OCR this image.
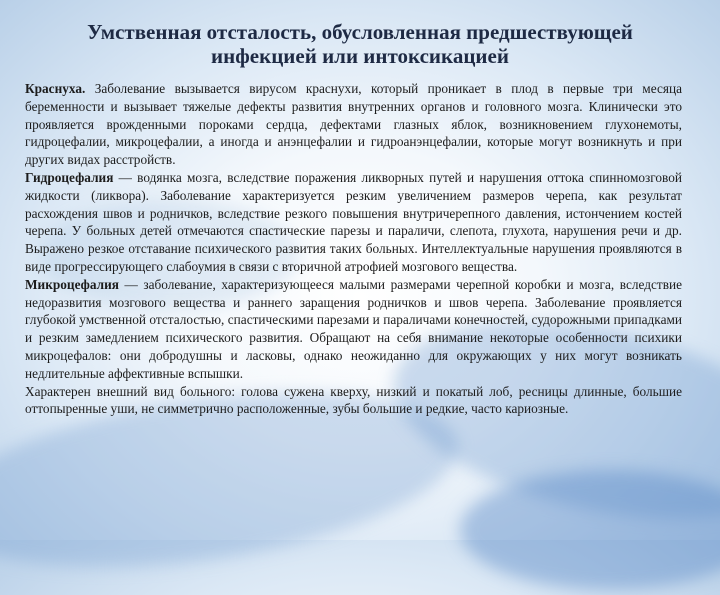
Умственная отсталость, обусловленная предшествующей
инфекцией или интоксикацией

Краснуха. Заболевание вызывается вирусом краснухи, который проникает в плод в первые три месяца беременности и вызывает тяжелые дефекты развития внутренних органов и головного мозга. Клинически это проявляется врожденными пороками сердца, дефектами глазных яблок, возникновением глухонемоты, гидроцефалии, микроцефалии, а иногда и анэнцефалии и гидроанэнцефалии, которые могут возникнуть и при других видах расстройств.

Гидроцефалия — водянка мозга, вследствие поражения ликворных путей и нарушения оттока спинномозговой жидкости (ликвора). Заболевание характеризуется резким увеличением размеров черепа, как результат расхождения швов и родничков, вследствие резкого повышения внутричерепного давления, истончением костей черепа. У больных детей отмечаются спастические парезы и параличи, слепота, глухота, нарушения речи и др. Выражено резкое отставание психического развития таких больных. Интеллектуальные нарушения проявляются в виде прогрессирующего слабоумия в связи с вторичной атрофией мозгового вещества.

Микроцефалия — заболевание, характеризующееся малыми размерами черепной коробки и мозга, вследствие недоразвития мозгового вещества и раннего заращения родничков и швов черепа. Заболевание проявляется глубокой умственной отсталостью, спастическими парезами и параличами конечностей, судорожными припадками и резким замедлением психического развития. Обращают на себя внимание некоторые особенности психики микроцефалов: они добродушны и ласковы, однако неожиданно для окружающих у них могут возникать недлительные аффективные вспышки.

Характерен внешний вид больного: голова сужена кверху, низкий и покатый лоб, ресницы длинные, большие оттопыренные уши, не симметрично расположенные, зубы большие и редкие, часто кариозные.
